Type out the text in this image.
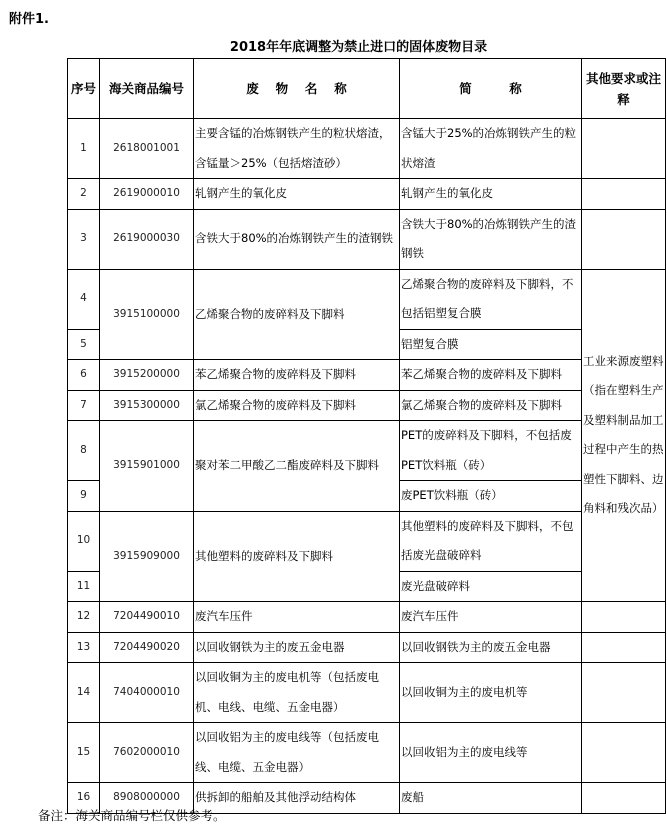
附件1.
2018年年底调整为禁止进口的固体废物目录
序号	海关商品编号	废　 物　 名　 称	简　　　称	其他要求或注释
1	2618001001	主要含锰的冶炼钢铁产生的粒状熔渣，含锰量＞25%（包括熔渣砂）	含锰大于25%的冶炼钢铁产生的粒状熔渣	
2	2619000010	轧钢产生的氧化皮	轧钢产生的氧化皮	
3	2619000030	含铁大于80%的冶炼钢铁产生的渣钢铁	含铁大于80%的冶炼钢铁产生的渣钢铁	
4	3915100000	乙烯聚合物的废碎料及下脚料	乙烯聚合物的废碎料及下脚料，不包括铝塑复合膜	工业来源废塑料（指在塑料生产及塑料制品加工过程中产生的热塑性下脚料、边角料和残次品）
5			铝塑复合膜	
6	3915200000	苯乙烯聚合物的废碎料及下脚料	苯乙烯聚合物的废碎料及下脚料	
7	3915300000	氯乙烯聚合物的废碎料及下脚料	氯乙烯聚合物的废碎料及下脚料	
8	3915901000	聚对苯二甲酸乙二酯废碎料及下脚料	PET的废碎料及下脚料，不包括废PET饮料瓶（砖）	
9			废PET饮料瓶（砖）	
10	3915909000	其他塑料的废碎料及下脚料	其他塑料的废碎料及下脚料，不包括废光盘破碎料	
11			废光盘破碎料	
12	7204490010	废汽车压件	废汽车压件	
13	7204490020	以回收钢铁为主的废五金电器	以回收钢铁为主的废五金电器	
14	7404000010	以回收铜为主的废电机等（包括废电机、电线、电缆、五金电器）	以回收铜为主的废电机等	
15	7602000010	以回收铝为主的废电线等（包括废电线、电缆、五金电器）	以回收铝为主的废电线等	
16	8908000000	供拆卸的船舶及其他浮动结构体	废船	
备注：海关商品编号栏仅供参考。
